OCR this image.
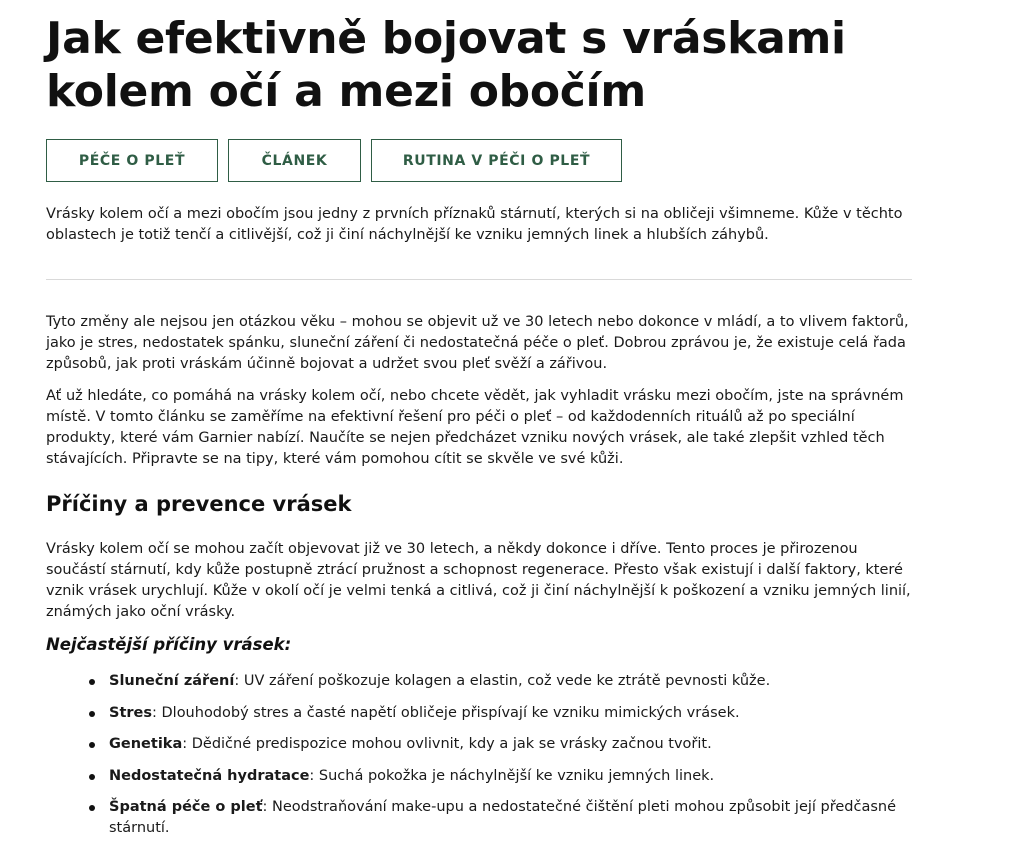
Jak efektivně bojovat s vráskami kolem očí a mezi obočím
PÉČE O PLEŤ	ČLÁNEK	RUTINA V PÉČI O PLEŤ

Vrásky kolem očí a mezi obočím jsou jedny z prvních příznaků stárnutí, kterých si na obličeji všimneme. Kůže v těchto oblastech je totiž tenčí a citlivější, což ji činí náchylnější ke vzniku jemných linek a hlubších záhybů.

Tyto změny ale nejsou jen otázkou věku – mohou se objevit už ve 30 letech nebo dokonce v mládí, a to vlivem faktorů, jako je stres, nedostatek spánku, sluneční záření či nedostatečná péče o pleť. Dobrou zprávou je, že existuje celá řada způsobů, jak proti vráskám účinně bojovat a udržet svou pleť svěží a zářivou.

Ať už hledáte, co pomáhá na vrásky kolem očí, nebo chcete vědět, jak vyhladit vrásku mezi obočím, jste na správném místě. V tomto článku se zaměříme na efektivní řešení pro péči o pleť – od každodenních rituálů až po speciální produkty, které vám Garnier nabízí. Naučíte se nejen předcházet vzniku nových vrásek, ale také zlepšit vzhled těch stávajících. Připravte se na tipy, které vám pomohou cítit se skvěle ve své kůži.

Příčiny a prevence vrásek

Vrásky kolem očí se mohou začít objevovat již ve 30 letech, a někdy dokonce i dříve. Tento proces je přirozenou součástí stárnutí, kdy kůže postupně ztrácí pružnost a schopnost regenerace. Přesto však existují i další faktory, které vznik vrásek urychlují. Kůže v okolí očí je velmi tenká a citlivá, což ji činí náchylnější k poškození a vzniku jemných linií, známých jako oční vrásky.

Nejčastější příčiny vrásek:
Sluneční záření: UV záření poškozuje kolagen a elastin, což vede ke ztrátě pevnosti kůže.
Stres: Dlouhodobý stres a časté napětí obličeje přispívají ke vzniku mimických vrásek.
Genetika: Dědičné predispozice mohou ovlivnit, kdy a jak se vrásky začnou tvořit.
Nedostatečná hydratace: Suchá pokožka je náchylnější ke vzniku jemných linek.
Špatná péče o pleť: Neodstraňování make-upu a nedostatečné čištění pleti mohou způsobit její předčasné stárnutí.
